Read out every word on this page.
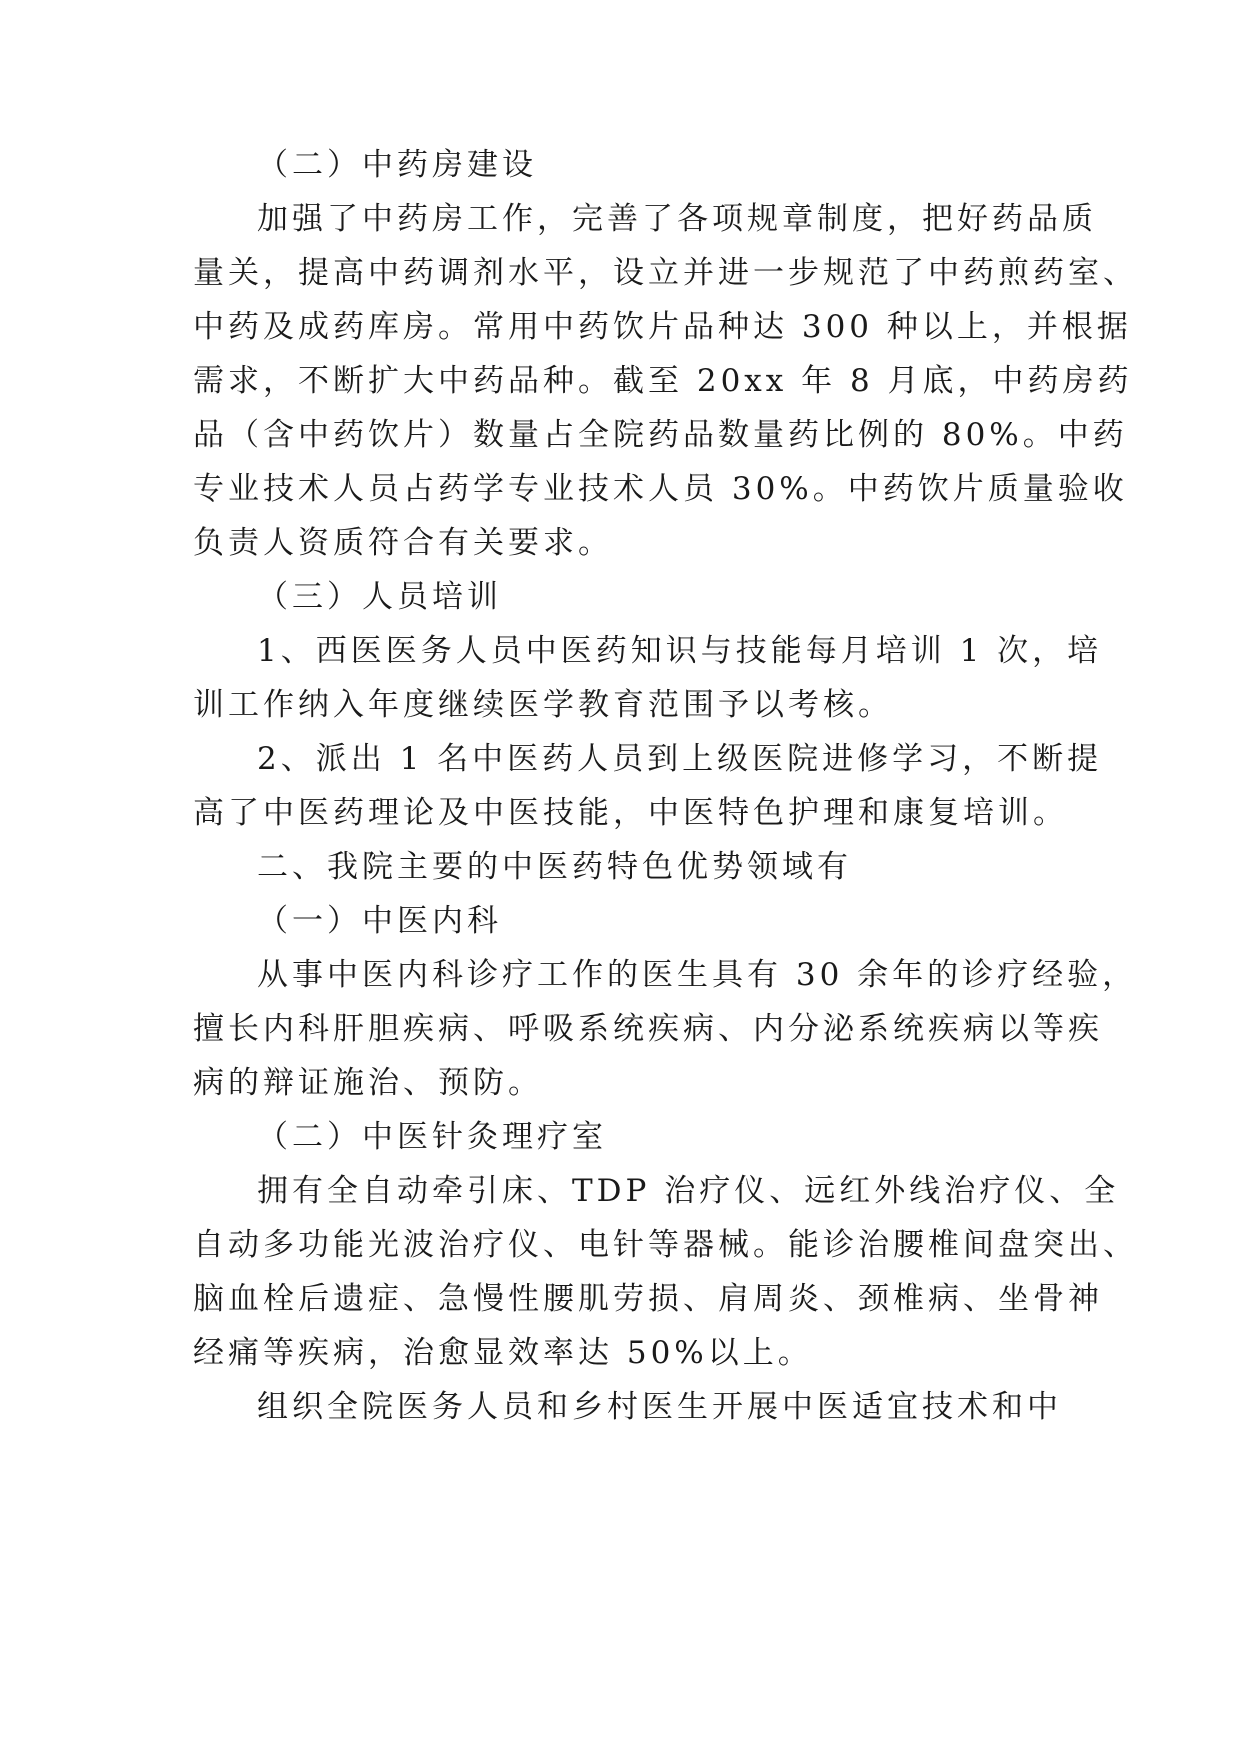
（二）中药房建设

加强了中药房工作，完善了各项规章制度，把好药品质

量关，提高中药调剂水平，设立并进一步规范了中药煎药室、

中药及成药库房。常用中药饮片品种达 300 种以上，并根据

需求，不断扩大中药品种。截至 20xx 年 8 月底，中药房药

品（含中药饮片）数量占全院药品数量药比例的 80%。中药

专业技术人员占药学专业技术人员 30%。中药饮片质量验收

负责人资质符合有关要求。

（三）人员培训

1、西医医务人员中医药知识与技能每月培训 1 次，培

训工作纳入年度继续医学教育范围予以考核。

2、派出 1 名中医药人员到上级医院进修学习，不断提

高了中医药理论及中医技能，中医特色护理和康复培训。

二、我院主要的中医药特色优势领域有

（一）中医内科

从事中医内科诊疗工作的医生具有 30 余年的诊疗经验，

擅长内科肝胆疾病、呼吸系统疾病、内分泌系统疾病以等疾

病的辩证施治、预防。

（二）中医针灸理疗室

拥有全自动牵引床、TDP 治疗仪、远红外线治疗仪、全

自动多功能光波治疗仪、电针等器械。能诊治腰椎间盘突出、

脑血栓后遗症、急慢性腰肌劳损、肩周炎、颈椎病、坐骨神

经痛等疾病，治愈显效率达 50%以上。

组织全院医务人员和乡村医生开展中医适宜技术和中
